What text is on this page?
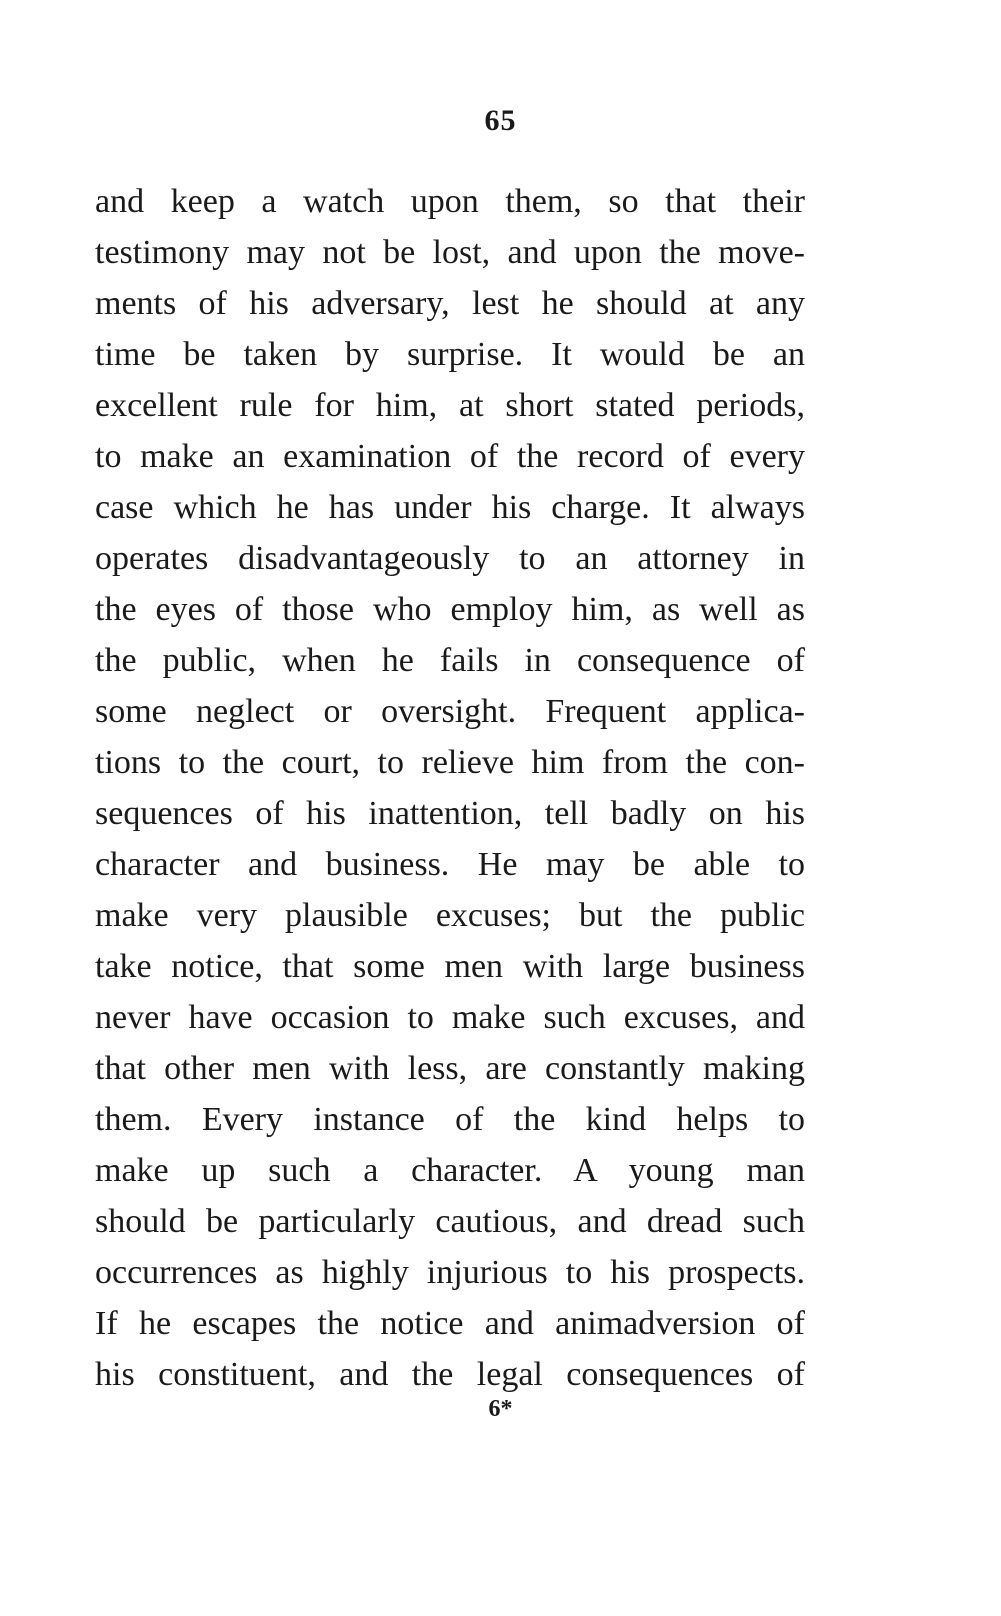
65
and keep a watch upon them, so that their
testimony may not be lost, and upon the move-
ments of his adversary, lest he should at any
time be taken by surprise. It would be an
excellent rule for him, at short stated periods,
to make an examination of the record of every
case which he has under his charge. It always
operates disadvantageously to an attorney in
the eyes of those who employ him, as well as
the public, when he fails in consequence of
some neglect or oversight. Frequent applica-
tions to the court, to relieve him from the con-
sequences of his inattention, tell badly on his
character and business. He may be able to
make very plausible excuses; but the public
take notice, that some men with large business
never have occasion to make such excuses, and
that other men with less, are constantly making
them. Every instance of the kind helps to
make up such a character. A young man
should be particularly cautious, and dread such
occurrences as highly injurious to his prospects.
If he escapes the notice and animadversion of
his constituent, and the legal consequences of
6*
